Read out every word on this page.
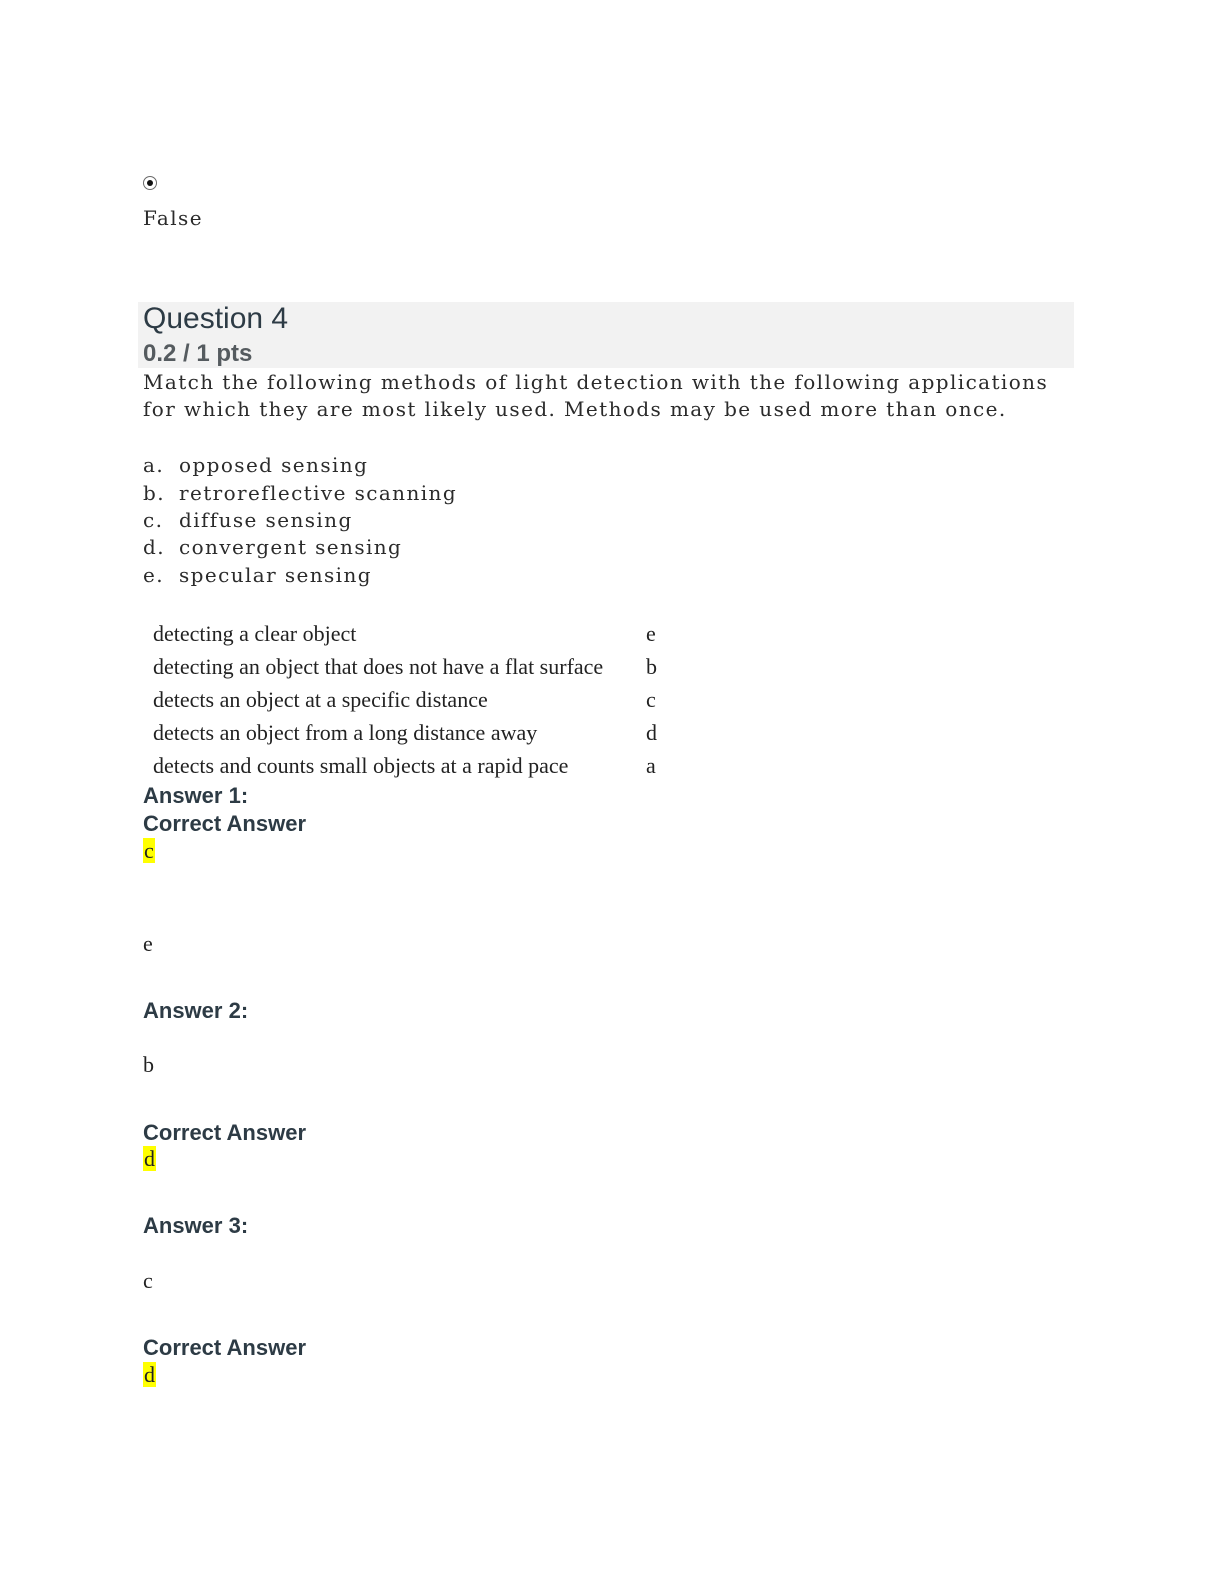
False
Question 4
0.2 / 1 pts
Match the following methods of light detection with the following applications for which they are most likely used. Methods may be used more than once.
a. opposed sensing
b. retroreflective scanning
c. diffuse sensing
d. convergent sensing
e. specular sensing
detecting a clear object	e
detecting an object that does not have a flat surface b
detects an object at a specific distance	c
detects an object from a long distance away	d
detects and counts small objects at a rapid pace	a
Answer 1:
Correct Answer
c
e
Answer 2:
b
Correct Answer
d
Answer 3:
c
Correct Answer
d
